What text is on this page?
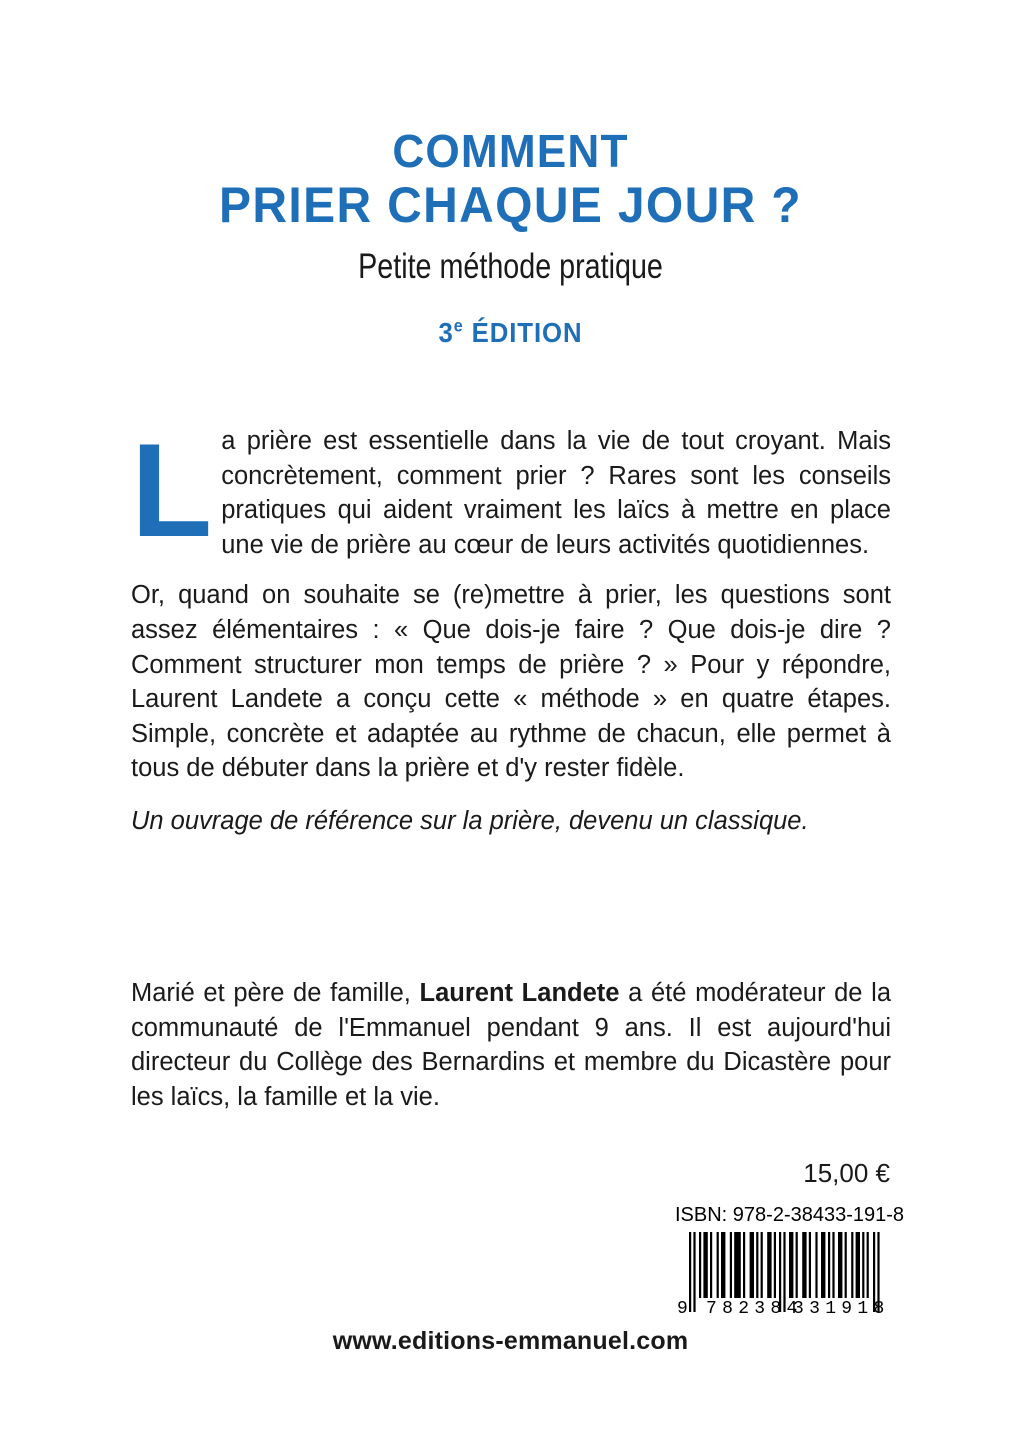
COMMENT
PRIER CHAQUE JOUR ?
Petite méthode pratique
3e ÉDITION

La prière est essentielle dans la vie de tout croyant. Mais concrètement, comment prier ? Rares sont les conseils pratiques qui aident vraiment les laïcs à mettre en place une vie de prière au cœur de leurs activités quotidiennes.

Or, quand on souhaite se (re)mettre à prier, les questions sont assez élémentaires : « Que dois-je faire ? Que dois-je dire ? Comment structurer mon temps de prière ? » Pour y répondre, Laurent Landete a conçu cette « méthode » en quatre étapes. Simple, concrète et adaptée au rythme de chacun, elle permet à tous de débuter dans la prière et d'y rester fidèle.

Un ouvrage de référence sur la prière, devenu un classique.

Marié et père de famille, Laurent Landete a été modérateur de la communauté de l'Emmanuel pendant 9 ans. Il est aujourd'hui directeur du Collège des Bernardins et membre du Dicastère pour les laïcs, la famille et la vie.

15,00 €
ISBN: 978-2-38433-191-8
9 782384
331918
www.editions-emmanuel.com
